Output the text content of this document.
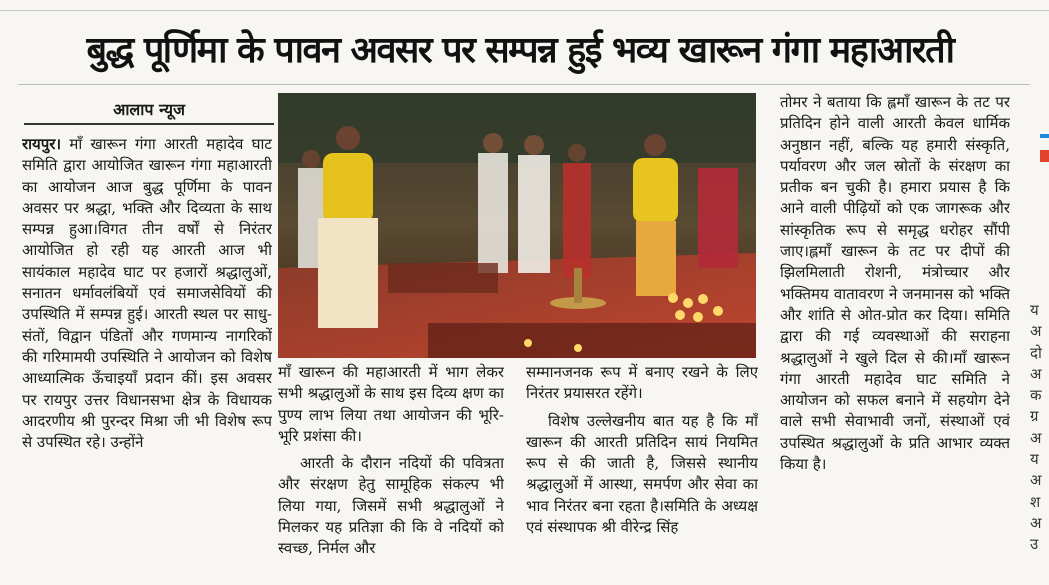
बुद्ध पूर्णिमा के पावन अवसर पर सम्पन्न हुई भव्य खारून गंगा महाआरती
आलाप न्यूज

रायपुर। माँ खारून गंगा आरती महादेव घाट समिति द्वारा आयोजित खारून गंगा महाआरती का आयोजन आज बुद्ध पूर्णिमा के पावन अवसर पर श्रद्धा, भक्ति और दिव्यता के साथ सम्पन्न हुआ।विगत तीन वर्षों से निरंतर आयोजित हो रही यह आरती आज भी सायंकाल महादेव घाट पर हजारों श्रद्धालुओं, सनातन धर्मावलंबियों एवं समाजसेवियों की उपस्थिति में सम्पन्न हुई। आरती स्थल पर साधु-संतों, विद्वान पंडितों और गणमान्य नागरिकों की गरिमामयी उपस्थिति ने आयोजन को विशेष आध्यात्मिक ऊँचाइयाँ प्रदान कीं। इस अवसर पर रायपुर उत्तर विधानसभा क्षेत्र के विधायक आदरणीय श्री पुरन्दर मिश्रा जी भी विशेष रूप से उपस्थित रहे। उन्होंने

माँ खारून की महाआरती में भाग लेकर सभी श्रद्धालुओं के साथ इस दिव्य क्षण का पुण्य लाभ लिया तथा आयोजन की भूरि-भूरि प्रशंसा की।

आरती के दौरान नदियों की पवित्रता और संरक्षण हेतु सामूहिक संकल्प भी लिया गया, जिसमें सभी श्रद्धालुओं ने मिलकर यह प्रतिज्ञा की कि वे नदियों को स्वच्छ, निर्मल और

सम्मानजनक रूप में बनाए रखने के लिए निरंतर प्रयासरत रहेंगे।

विशेष उल्लेखनीय बात यह है कि माँ खारून की आरती प्रतिदिन सायं नियमित रूप से की जाती है, जिससे स्थानीय श्रद्धालुओं में आस्था, समर्पण और सेवा का भाव निरंतर बना रहता है।समिति के अध्यक्ष एवं संस्थापक श्री वीरेन्द्र सिंह

तोमर ने बताया कि ह्लमाँ खारून के तट पर प्रतिदिन होने वाली आरती केवल धार्मिक अनुष्ठान नहीं, बल्कि यह हमारी संस्कृति, पर्यावरण और जल स्रोतों के संरक्षण का प्रतीक बन चुकी है। हमारा प्रयास है कि आने वाली पीढ़ियों को एक जागरूक और सांस्कृतिक रूप से समृद्ध धरोहर सौंपी जाए।ह्लमाँ खारून के तट पर दीपों की झिलमिलाती रोशनी, मंत्रोच्चार और भक्तिमय वातावरण ने जनमानस को भक्ति और शांति से ओत-प्रोत कर दिया। समिति द्वारा की गई व्यवस्थाओं की सराहना श्रद्धालुओं ने खुले दिल से की।माँ खारून गंगा आरती महादेव घाट समिति ने आयोजन को सफल बनाने में सहयोग देने वाले सभी सेवाभावी जनों, संस्थाओं एवं उपस्थित श्रद्धालुओं के प्रति आभार व्यक्त किया है।

य
अ
दो
अ
क
ग्र
अ
य
अ
श
अ
उ
